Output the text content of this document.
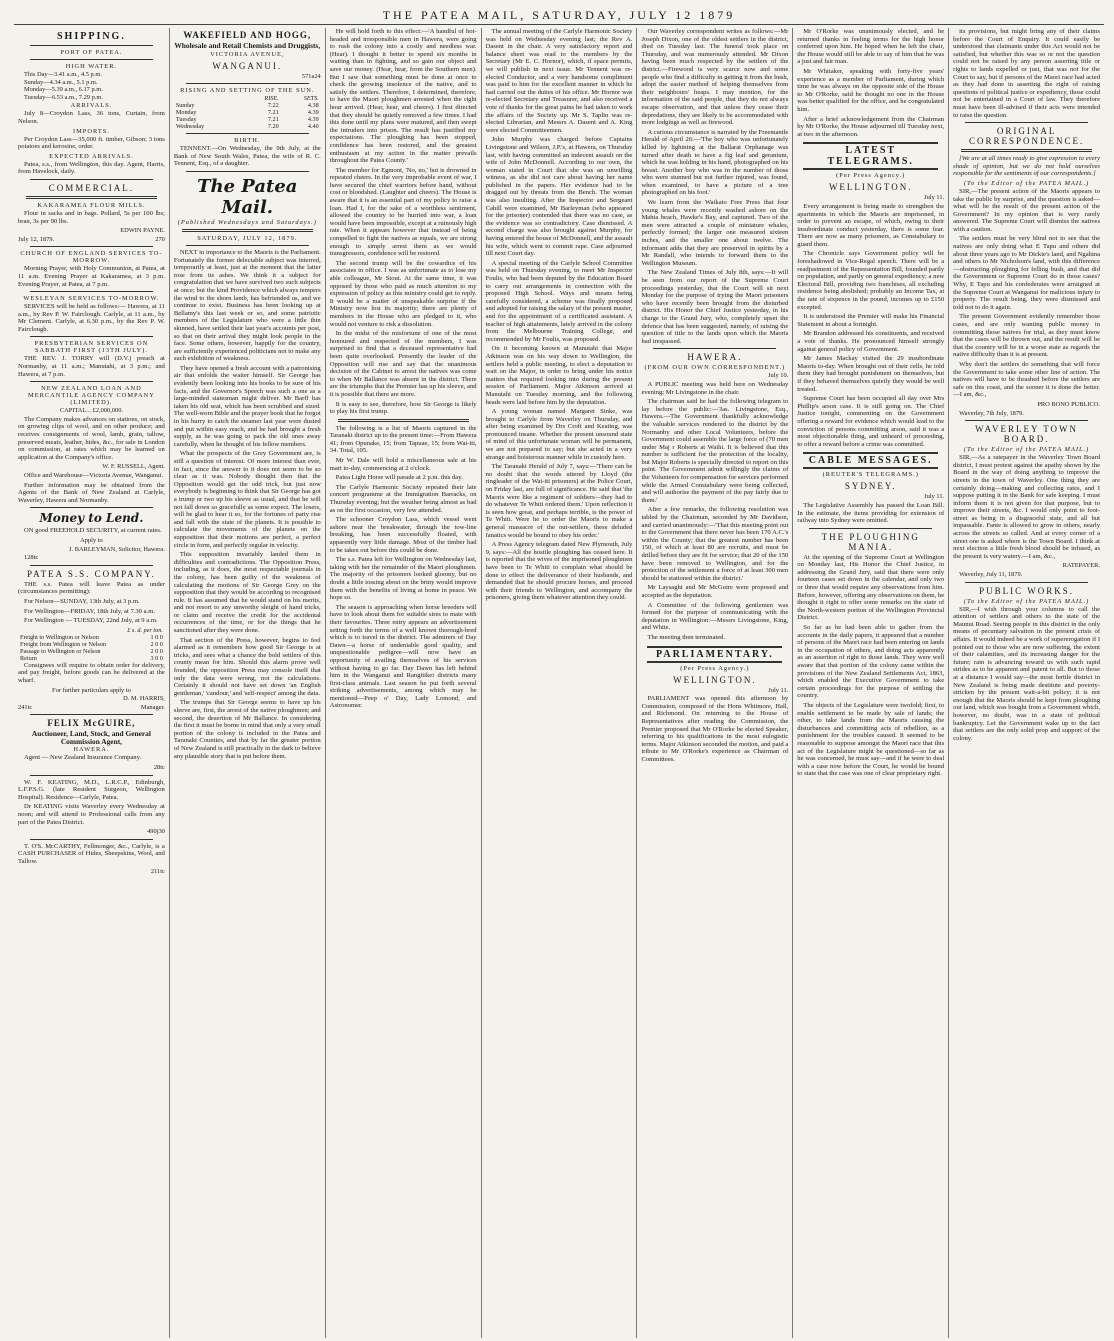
THE PATEA MAIL, SATURDAY, JULY 12 1879
SHIPPING.
PORT OF PATEA.
HIGH WATER.

This Day—3.41 a.m., 4.5 p.m.

Sunday—4.34 a.m., 5.1 p.m.

Monday—5.39 a.m., 6.17 p.m.

Tuesday—6.53 a.m., 7.29 p.m.

ARRIVALS.

July 8—Croydon Lass, 36 tons, Curtain, from Nelson.

IMPORTS.

Per Croydon Lass—35,000 ft. timber, Gibson; 3 tons potatoes and kerosine, order.

EXPECTED ARRIVALS.

Patea, s.s., from Wellington, this day. Agent, Harris, from Havelock, daily.

COMMERCIAL.
KAKARAMEA FLOUR MILLS.

Flour in sacks and in bags. Pollard, 5s per 100 lbs; bran, 3s per 90 lbs.

EDWIN PAYNE.

July 12, 1879.	270
CHURCH OF ENGLAND SERVICES TO-MORROW.

Morning Prayer, with Holy Communion, at Patea, at 11 a.m. Evening Prayer at Kakaramea, at 3 p.m. Evening Prayer, at Patea, at 7 p.m.

WESLEYAN SERVICES TO-MORROW.

SERVICES will be held as follows:— Hawera, at 11 a.m., by Rev P. W. Fairclough. Carlyle, at 11 a.m., by Mr Clement. Carlyle, at 6.30 p.m., by the Rev P. W. Fairclough.

PRESBYTERIAN SERVICES ON SABBATH FIRST (13TH JULY).

THE REV. J. TORRY will (D.V.) preach at Normanby, at 11 a.m.; Manutahi, at 3 p.m.; and Hawera, at 7 p.m.

NEW ZEALAND LOAN AND MERCANTILE AGENCY COMPANY (LIMITED).

CAPITAL... £2,000,000.

The Company makes advances on stations, on stock, on growing clips of wool, and on other produce; and receives consignments of wool, lamb, grain, tallow, preserved meats, leather, hides, &c., for sale in London on commission, at rates which may be learned on application at the Company's office.

W. F. RUSSELL, Agent.

Office and Warehouse—Victoria Avenue, Wanganui.

Further information may be obtained from the Agents of the Bank of New Zealand at Carlyle, Waverley, Hawera and Normanby.

Money to Lend.

ON good FREEHOLD SECURITY, at current rates.

Apply to

J. BARLEYMAN, Solicitor, Hawera.

128tc

PATEA S.S. COMPANY.

THE s.s. Patea will leave Patea as under (circumstances permitting):

For Nelson—SUNDAY, 13th July, at 3 p.m.

For Wellington—FRIDAY, 18th July, at 7.30 a.m.

For Wellington — TUESDAY, 22nd July, at 9 a.m.

	£ s. d. per ton.
Freight to Wellington or Nelson	1 0 0
Freight from Wellington or Nelson	2 0 0
Passage to Wellington or Nelson	2 0 0
Return	3 0 0

Consignees will require to obtain order for delivery, and pay freight, before goods can be delivered at the wharf.

For further particulars apply to

D. M. HARRIS,

241tc	Manager.
FELIX McGUIRE,
Auctioneer, Land, Stock, and General Commission Agent,
HAWERA.

Agent — New Zealand Insurance Company.

28tc

W. F. KEATING, M.D., L.R.C.P., Edinburgh, L.F.P.S.G. (late Resident Surgeon, Wellington Hospital). Residence—Carlyle, Patea.

Dr KEATING visits Waverley every Wednesday at noon; and will attend to Professional calls from any part of the Patea District.

490j30

T. O'S. McCARTHY, Fellmonger, &c., Carlyle, is a CASH PURCHASER of Hides, Sheepskins, Wool, and Tallow.

211tc

WAKEFIELD AND HOGG,
Wholesale and Retail Chemists and Druggists,
VICTORIA AVENUE,
WANGANUI.

571a24

RISING AND SETTING OF THE SUN.
	RISE.	SETS.
Sunday	7.22	4.38
Monday	7.21	4.39
Tuesday	7.21	4.39
Wednesday	7.20	4.40
BIRTH.

TENNENT.—On Wednesday, the 9th July, at the Bank of New South Wales, Patea, the wife of R. C. Tennent, Esq., of a daughter.

The Patea Mail.
(Published Wednesdays and Saturdays.)
SATURDAY, JULY 12, 1879.

NEXT in importance to the Maoris is the Parliament. Fortunately the former delectable subject was interred, temporarily at least, just at the moment that the latter rose from its ashes. We think it a subject for congratulation that we have survived two such subjects at once; but the kind Providence which always tempers the wind to the shorn lamb, has befriended us, and we continue to exist. Business has been looking up at Bellamy's this last week or so, and some patriotic members of the Legislature who were a little thin skinned, have settled their last year's accounts per post, so that on their arrival they might look people in the face. Some others, however, happily for the country, are sufficiently experienced politicians not to make any such exhibition of weakness.

They have opened a fresh account with a patronising air that enfolds the waiter himself. Sir George has evidently been looking into his books to be sure of his facts, and the Governor's Speech was such a one as a large-minded statesman might deliver. Mr Barff has taken his old seat, which has been scrubbed and sized. The well-worn Bible and the prayer book that he forgot in his hurry to catch the steamer last year were dusted and put within easy reach, and he had brought a fresh supply, as he was going to pack the old ones away carefully, when he thought of his fellow members.

What the prospects of the Grey Government are, is still a question of interest. Of more interest than ever, in fact, since the answer to it does not seem to be so clear as it was. Nobody thought then that the Opposition would get the odd trick, but just now everybody is beginning to think that Sir George has got a trump or two up his sleeve as usual, and that he will not fall down so gracefully as some expect. The losers, will be glad to hear it so, for the fortunes of party rise and fall with the state of the planets. It is possible to calculate the movements of the planets on the supposition that their motions are perfect, a perfect circle in form, and perfectly regular in velocity.

This supposition invariably landed them in difficulties and contradictions. The Opposition Press, including, as it does, the most respectable journals in the colony, has been guilty of the weakness of calculating the motions of Sir George Grey on the supposition that they would be according to recognised rule. It has assumed that he would stand on his merits, and not resort to any unworthy sleight of hand tricks, or claim and receive the credit for the accidental occurrences of the time, or for the things that he sanctioned after they were done.

That section of the Press, however, begins to feel alarmed as it remembers how good Sir George is at tricks, and sees what a chance the bold settlers of this county mean for him. Should this alarm prove well founded, the opposition Press may console itself that only the data were wrong, not the calculations. Certainly it should not have set down 'an English gentleman,' 'candour,' and 'self-respect' among the data.

The trumps that Sir George seems to have up his sleeve are, first, the arrest of the native ploughmen; and second, the desertion of Mr Ballance. In considering the first it must be borne in mind that only a very small portion of the colony is included in the Patea and Taranaki Counties, and that by far the greater portion of New Zealand is still practically in the dark to believe any plausible story that is put before them.

He will hold forth to this effect:—'A handful of hot-headed and irresponsible men in Hawera, were going to rush the colony into a costly and needless war. (Hear). I thought it better to spend six months in waiting than in fighting, and so gain our object and save our money. (Hear, hear, from the Southern men). But I saw that something must be done at once to check the growing insolence of the native, and to satisfy the settlers. Therefore, I determined, therefore, to have the Maori ploughmen arrested when the right hour arrived. (Hear, hear, and cheers). I first directed that they should be quietly removed a few times. I had this done until my plans were matured, and then swept the intruders into prison. The result has justified my expectations. The ploughing has been stopped, confidence has been restored, and the greatest enthusiasm at my action in the matter prevails throughout the Patea County.'

The member for Egmont, 'No, no,' but is drowned in repeated cheers. In the very improbable event of war, I have secured the chief warriors before hand, without cost or bloodshed. (Laughter and cheers). The House is aware that it is an essential part of my policy to raise a loan. Had I, for the sake of a worthless sentiment, allowed the country to be hurried into war, a loan would have been impossible, except at a ruinously high rate. When it appears however that instead of being compelled to fight the natives as equals, we are strong enough to simply arrest them as we would transgressors, confidence will be restored.

The second trump will be the cowardice of his associates in office. I was as unfortunate as to lose my able colleague, Mr Stout. At the same time, it was opposed by those who paid as much attention to my expression of policy as this ministry could get to reply. It would be a matter of unspeakable surprise if the Ministry now lost its majority; there are plenty of members in the House who are pledged to it, who would not venture to risk a dissolution.

In the midst of the misfortune of one of the most honoured and respected of the members, I was surprised to find that a deceased representative had been quite overlooked. Presently the leader of the Opposition will rise and say that the unanimous decision of the Cabinet to arrest the natives was come to when Mr Ballance was absent in the district. There are the triumphs that the Premier has up his sleeve, and it is possible that there are more.

It is easy to see, therefore, how Sir George is likely to play his first trump.

The following is a list of Maoris captured in the Taranaki district up to the present time:—From Hawera 41; from Opunake, 15; from Tapuae, 15; from Wai-iti, 34. Total, 105.

Mr W. Dale will hold a miscellaneous sale at his mart to-day, commencing at 2 o'clock.

Patea Light Horse will parade at 2 p.m. this day.

The Carlyle Harmonic Society repeated their late concert programme at the Immigration Barracks, on Thursday evening; but the weather being almost as bad as on the first occasion, very few attended.

The schooner Croydon Lass, which vessel went ashore near the breakwater, through the tow-line breaking, has been successfully floated, with apparently very little damage. Most of the timber had to be taken out before this could be done.

The s.s. Patea left for Wellington on Wednesday last, taking with her the remainder of the Maori ploughmen. The majority of the prisoners looked gloomy, but no doubt a little tossing about on the briny would improve them with the benefits of living at home in peace. We hope so.

The season is approaching when horse breeders will have to look about them for suitable sires to mate with their favourites. Three entry appears an advertisement setting forth the terms of a well known thorough-bred which is to travel in the district. The admirers of Day Dawn—a horse of undeniable good quality, and unquestionable pedigree—will now have an opportunity of availing themselves of his services without having to go far. Day Dawn has left behind him in the Wanganui and Rangitikei districts many first-class animals. Last season he put forth several striking advertisements, among which may be mentioned—Peep o' Day, Lady Lomond, and Astronomer.

The annual meeting of the Carlyle Harmonic Society was held on Wednesday evening last; the Rev A. Dasent in the chair. A very satisfactory report and balance sheet was read to the members by the Secretary (Mr E. C. Hornor), which, if space permits, we will publish in next issue. Mr Tennent was re-elected Conductor, and a very handsome compliment was paid to him for the excellent manner in which he had carried out the duties of his office. Mr Hornor was re-elected Secretary and Treasurer, and also received a vote of thanks for the great pains he had taken to work the affairs of the Society up. Mr S. Taplin was re-elected Librarian, and Messrs A. Dasent and A. King were elected Committeemen.

John Murphy was charged before Captains Livingstone and Wilson, J.P.'s, at Hawera, on Thursday last, with having committed an indecent assault on the wife of John McDonnell. According to our own, the woman stated in Court that she was an unwilling witness, as she did not care about having her name published in the papers. Her evidence had to be dragged out by threats from the Bench. The woman was also insulting. After the Inspector and Sergeant Cahill were examined, Mr Barleyman (who appeared for the prisoner) contended that there was no case, as the evidence was so contradictory. Case dismissed. A second charge was also brought against Murphy, for having entered the house of McDonnell, and the assault his wife, which went to commit rape. Case adjourned till next Court day.

A special meeting of the Carlyle School Committee was held on Thursday evening, to meet Mr Inspector Foulis, who had been deputed by the Education Board to carry out arrangements in connection with the proposed High School. Ways and means being carefully considered, a scheme was finally proposed and adopted for raising the salary of the present master, and for the appointment of a certificated assistant. A teacher of high attainments, lately arrived in the colony from the Melbourne Training College, and recommended by Mr Foulis, was proposed.

On it becoming known at Manutahi that Major Atkinson was on his way down to Wellington, the settlers held a public meeting, to elect a deputation to wait on the Major, in order to bring under his notice matters that required looking into during the present session of Parliament. Major Atkinson arrived at Manutahi on Tuesday morning, and the following heads were laid before him by the deputation.

A young woman named Margaret Sinke, was brought to Carlyle from Waverley on Thursday, and after being examined by Drs Croft and Keating, was pronounced insane. Whether the present unsound state of mind of this unfortunate woman will be permanent, we are not prepared to say; but she acted in a very strange and boisterous manner while in custody here.

The Taranaki Herald of July 7, says:—'There can be no doubt that the words uttered by Lloyd (the ringleader of the Wai-iti prisoners) at the Police Court, on Friday last, are full of significance. He said that 'the Maoris were like a regiment of soldiers—they had to do whatever Te Whiti ordered them.' Upon reflection it is seen how great, and perhaps terrible, is the power of Te Whiti. Were he to order the Maoris to make a general massacre of the out-settlers, these deluded fanatics would be bound to obey his order.'

A Press Agency telegram dated New Plymouth, July 9, says:—All the hostile ploughing has ceased here. It is reported that the wives of the imprisoned ploughmen have been to Te Whiti to complain what should be done to effect the deliverance of their husbands, and demanded that he should procure horses, and proceed with their friends to Wellington, and accompany the prisoners, giving them whatever attention they could.

Our Waverley correspondent writes as follows:—Mr Joseph Dixon, one of the oldest settlers in the district, died on Tuesday last. The funeral took place on Thursday, and was numerously attended. Mr Dixon having been much respected by the settlers of the district.—Firewood is very scarce now and some people who find a difficulty in getting it from the bush, adopt the easier method of helping themselves from their neighbours' heaps. I may mention, for the information of the said people, that they do not always escape observation, and that unless they cease their depredations, they are likely to be accommodated with more lodgings as well as firewood.

A curious circumstance is narrated by the Freemantle Herald of April 26:—'The boy who was unfortunately killed by lightning at the Ballarat Orphanage was turned after death to have a fig leaf and geranium, which he was holding in his hand, photographed on his breast. Another boy who was in the number of those who were stunned but not further injured, was found, when examined, to have a picture of a tree photographed on his foot.'

We learn from the Waikato Free Press that four young whales were recently washed ashore on the Mahia beach, Hawke's Bay, and captured. Two of the men were attracted a couple of miniature whales, perfectly formed; the larger one measured sixteen inches, and the smaller one about twelve. The informant adds that they are preserved in spirits by a Mr Randall, who intends to forward them to the Wellington Museum.

The New Zealand Times of July 8th, says:—It will be seen from our report of the Supreme Court proceedings yesterday, that the Court will sit next Monday for the purpose of trying the Maori prisoners who have recently been brought from the disturbed district. His Honor the Chief Justice yesterday, in his charge to the Grand Jury, who, completely upset the defence that has been suggested, namely, of raising the question of title to the lands upon which the Maoris had trespassed.

HAWERA.
(FROM OUR OWN CORRESPONDENT.)

July 10.

A PUBLIC meeting was held here on Wednesday evening; Mr Livingstone in the chair.

The chairman said he had the following telegram to lay before the public:—'Jas. Livingstone, Esq., Hawera.—The Government thankfully acknowledge the valuable services rendered to the district by the Normanby and other Local Volunteers, before the Government could assemble the large force of (70 men under Maj r Roberts at Waihi. It is believed that this number is sufficient for the protection of the locality, but Major Roberts is specially directed to report on this point. The Government admit willingly the claims of the Volunteers for compensation for services performed while the Armed Constabulary were being collected, and will authorise the payment of the pay fairly due to them.'

After a few remarks, the following resolution was tabled by the Chairman, seconded by Mr Davidson, and carried unanimously:—'That this meeting point out to the Government that there never has been 170 A.C.'s within the County; that the greatest number has been 150, of which at least 80 are recruits, and must be drilled before they are fit for service; that 20 of the 150 have been removed to Wellington, and for the protection of the settlement a force of at least 300 men should be stationed within the district.'

Mr Laysaght and Mr McGuire were proposed and accepted as the deputation.

A Committee of the following gentlemen was formed for the purpose of communicating with the deputation in Wellington:—Messrs Livingstone, King, and White.

The meeting then terminated.

PARLIAMENTARY.
(Per Press Agency.)
WELLINGTON.

July 11.

PARLIAMENT was opened this afternoon by Commission, composed of the Hons Whitmore, Hall, and Richmond. On returning to the House of Representatives after reading the Commission, the Premier proposed that Mr O'Rorke be elected Speaker, referring to his qualifications in the most eulogistic terms. Major Atkinson seconded the motion, and paid a tribute to Mr O'Rorke's experience as Chairman of Committees.

Mr O'Rorke was unanimously elected, and he returned thanks in feeling terms for the high honor conferred upon him. He hoped when he left the chair, the House would still be able to say of him that he was a just and fair man.

Mr Whitaker, speaking with forty-five years' experience as a member of Parliament, during which time he was always on the opposite side of the House to Mr O'Rorke, said he thought no one in the House was better qualified for the office, and he congratulated him.

After a brief acknowledgement from the Chairman by Mr O'Rorke, the House adjourned till Tuesday next, at two in the afternoon.

LATEST TELEGRAMS.
(Per Press Agency.)
WELLINGTON.

July 11.

Every arrangement is being made to strengthen the apartments in which the Maoris are imprisoned, in order to prevent an escape, of which, owing to their insubordinate conduct yesterday, there is some fear. There are now as many prisoners, as Constabulary to guard them.

The Chronicle says Government policy will be foreshadowed in Vice-Regal speech. There will be a readjustment of the Representation Bill, founded partly on population, and partly on general expediency; a new Electoral Bill, providing two franchises, all excluding residence being abolished; probably an Income Tax, at the rate of sixpence in the pound, incomes up to £150 excepted.

It is understood the Premier will make his Financial Statement in about a fortnight.

Mr Brandon addressed his constituents, and received a vote of thanks. He pronounced himself strongly against general policy of Government.

Mr James Mackay visited the 29 insubordinate Maoris to-day. When brought out of their cells, he told them they had brought punishment on themselves, but if they behaved themselves quietly they would be well treated.

Supreme Court has been occupied all day over Mrs Phillip's arson case. It is still going on. The Chief Justice tonight, commenting on the Government offering a reward for evidence which would lead to the conviction of persons committing arson, said it was a most objectionable thing, and unheard of proceeding, to offer a reward before a crime was committed.

CABLE MESSAGES.
(REUTER'S TELEGRAMS.)
SYDNEY.

July 11.

The Legislative Assembly has passed the Loan Bill. In the estimate, the items providing for extension of railway into Sydney were omitted.

THE PLOUGHING MANIA.

At the opening of the Supreme Court at Wellington on Monday last, His Honor the Chief Justice, in addressing the Grand Jury, said that there were only fourteen cases set down in the calendar, and only two or three that would require any observations from him. Before, however, offering any observations on them, he thought it right to offer some remarks on the state of the North-western portion of the Wellington Provincial District.

So far as he had been able to gather from the accounts in the daily papers, it appeared that a number of persons of the Maori race had been entering on lands in the occupation of others, and doing acts apparently as an assertion of right to those lands. They were well aware that that portion of the colony came within the provisions of the New Zealand Settlements Act, 1863, which enabled the Executive Government to take certain proceedings for the purpose of settling the country.

The objects of the Legislature were twofold; first, to enable settlement to be made by sale of lands; the other, to take lands from the Maoris causing the disturbances and committing acts of rebellion, as a punishment for the troubles caused. It seemed to be reasonable to suppose amongst the Maori race that this act of the Legislature might be questioned—so far as he was concerned, he must say—and if he were to deal with a case now before the Court, he would be bound to state that the case was one of clear proprietary right.

its provisions, but might bring any of their claims before the Court of Enquiry. It could easily be understood that claimants under this Act would not be satisfied, but whether this was so or not the question could not be raised by any person asserting title or rights to lands expelled or just, that was not for the Court to say, but if persons of the Maori race had acted as they had done in asserting the right of raising questions of political justice or expediency, those could not be entertained in a Court of law. They therefore must have been ill-advised if their acts were intended to raise the question.

ORIGINAL CORRESPONDENCE.

[We are at all times ready to give expression to every shade of opinion, but we do not hold ourselves responsible for the sentiments of our correspondents.]

(To the Editor of the PATEA MAIL.)

SIR,—The present action of the Maoris appears to take the public by surprise, and the question is asked—what will be the result of the present action of the Government? In my opinion that is very rarely answered. The Supreme Court will dismiss the natives with a caution.

The settlers must be very blind not to see that the natives are only doing what E Tapu and others did about three years ago to Mr Dickie's land, and Ngahina and others to Mr Nicholson's land, with this difference—obstructing ploughing for felling bush, and that did the Government or Supreme Court do in those cases? Why, E Tapu and his confederates were arraigned at the Supreme Court at Wanganui for malicious injury to property. The result being, they were dismissed and told not to do it again.

The present Government evidently remember those cases, and are only wanting public money in committing those natives for trial, as they must know that the cases will be thrown out, and the result will be that the country will be in a worse state as regards the native difficulty than it is at present.

Why don't the settlers do something that will force the Government to take some other line of action. The natives will have to be thrashed before the settlers are safe on this coast, and the sooner it is done the better.—I am, &c.,

PRO BONO PUBLICO.

Waverley, 7th July, 1879.

WAVERLEY TOWN BOARD.
(To the Editor of the PATEA MAIL.)

SIR,—As a ratepayer in the Waverley Town Board district, I must protest against the apathy shown by the Board in the way of doing anything to improve the streets in the town of Waverley. One thing they are certainly doing—making and collecting rates, and I suppose putting it in the Bank for safe keeping. I must inform them it is not given for that purpose, but to improve their streets, &c. I would only point to foot-street as being in a disgraceful state, and all but impassable. Fante is allowed to grow in others, nearly across the streets so called. And at every corner of a street one is asked where is the Town Board. I think at next election a little fresh blood should be infused, as the present is very watery.—I am, &c.,

RATEPAYER.

Waverley, July 11, 1879.

PUBLIC WORKS.
(To the Editor of the PATEA MAIL.)

SIR,—I wish through your columns to call the attention of settlers and others to the state of the Maunui Road. Seeing people in this district in the only means of pecuniary salvation in the present crisis of affairs. It would indeed be a work of supererogation if I pointed out to those who are now suffering, the extent of their calamities, and its increasing danger for the future; rain is advancing toward us with such rapid strides as to be apparent and patent to all. But to those at a distance I would say—the most fertile district in New Zealand is being made destitute and poverty-stricken by the present wait-a-bit policy; it is not enough that the Maoris should be kept from ploughing our land, which was bought from a Government which, however, no doubt, was in a state of political bankruptcy. Let the Government wake up to the fact that settlers are the only solid prop and support of the colony.
